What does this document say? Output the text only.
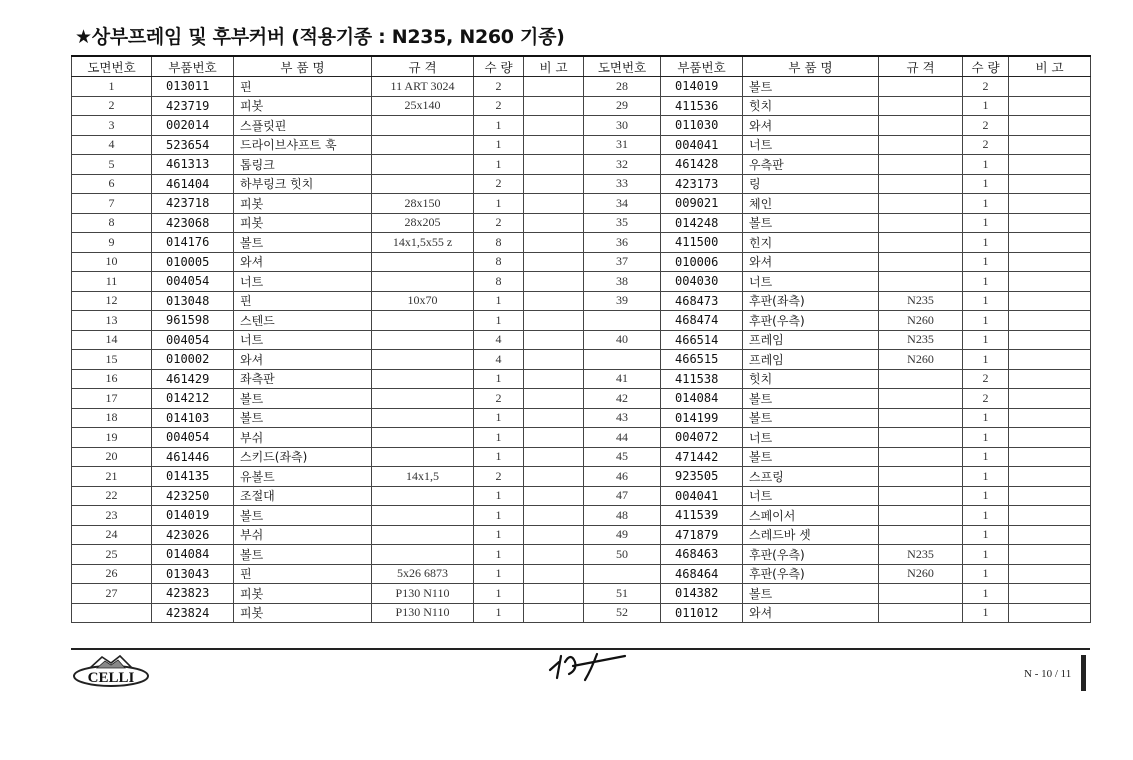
★상부프레임 및 후부커버 (적용기종 : N235, N260 기종)
도면번호	부품번호	부 품 명	규 격	수 량	비 고
1	013011	핀	11 ART 3024	2	
2	423719	피봇	25x140	2	
3	002014	스플릿핀		1	
4	523654	드라이브샤프트 훅		1	
5	461313	톱링크		1	
6	461404	하부링크 힛치		2	
7	423718	피봇	28x150	1	
8	423068	피봇	28x205	2	
9	014176	볼트	14x1,5x55 z	8	
10	010005	와셔		8	
11	004054	너트		8	
12	013048	핀	10x70	1	
13	961598	스텐드		1	
14	004054	너트		4	
15	010002	와셔		4	
16	461429	좌측판		1	
17	014212	볼트		2	
18	014103	볼트		1	
19	004054	부쉬		1	
20	461446	스키드(좌측)		1	
21	014135	유볼트	14x1,5	2	
22	423250	조절대		1	
23	014019	볼트		1	
24	423026	부쉬		1	
25	014084	볼트		1	
26	013043	핀	5x26 6873	1	
27	423823	피봇	P130 N110	1	
	423824	피봇	P130 N110	1	
도면번호	부품번호	부 품 명	규 격	수 량	비 고
28	014019	볼트		2	
29	411536	힛치		1	
30	011030	와셔		2	
31	004041	너트		2	
32	461428	우측판		1	
33	423173	링		1	
34	009021	체인		1	
35	014248	볼트		1	
36	411500	힌지		1	
37	010006	와셔		1	
38	004030	너트		1	
39	468473	후판(좌측)	N235	1	
	468474	후판(우측)	N260	1	
40	466514	프레임	N235	1	
	466515	프레임	N260	1	
41	411538	힛치		2	
42	014084	볼트		2	
43	014199	볼트		1	
44	004072	너트		1	
45	471442	볼트		1	
46	923505	스프링		1	
47	004041	너트		1	
48	411539	스페이서		1	
49	471879	스레드바 셋		1	
50	468463	후판(우측)	N235	1	
	468464	후판(우측)	N260	1	
51	014382	볼트		1	
52	011012	와셔		1	
CELLI	N - 10 / 11
